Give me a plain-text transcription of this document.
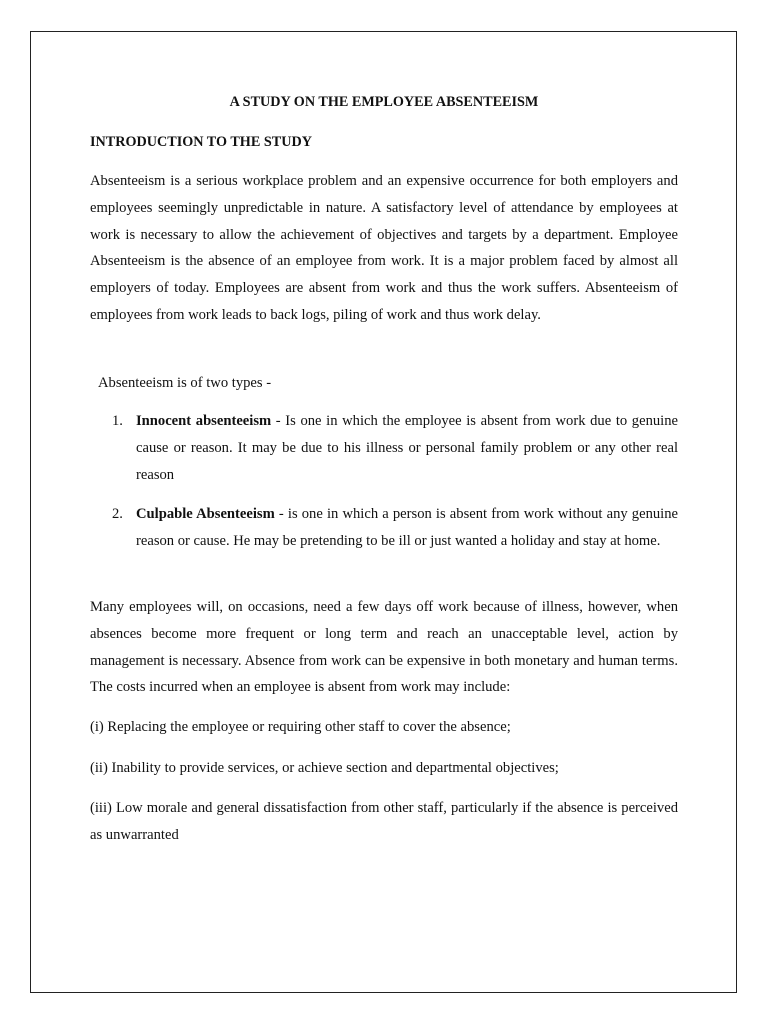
A STUDY ON THE EMPLOYEE ABSENTEEISM
INTRODUCTION TO THE STUDY

Absenteeism is a serious workplace problem and an expensive occurrence for both employers and employees seemingly unpredictable in nature. A satisfactory level of attendance by employees at work is necessary to allow the achievement of objectives and targets by a department. Employee Absenteeism is the absence of an employee from work. It is a major problem faced by almost all employers of today. Employees are absent from work and thus the work suffers. Absenteeism of employees from work leads to back logs, piling of work and thus work delay.

Absenteeism is of two types -

1. Innocent absenteeism - Is one in which the employee is absent from work due to genuine cause or reason. It may be due to his illness or personal family problem or any other real reason

2. Culpable Absenteeism - is one in which a person is absent from work without any genuine reason or cause. He may be pretending to be ill or just wanted a holiday and stay at home.

Many employees will, on occasions, need a few days off work because of illness, however, when absences become more frequent or long term and reach an unacceptable level, action by management is necessary. Absence from work can be expensive in both monetary and human terms. The costs incurred when an employee is absent from work may include:

(i) Replacing the employee or requiring other staff to cover the absence;

(ii) Inability to provide services, or achieve section and departmental objectives;

(iii) Low morale and general dissatisfaction from other staff, particularly if the absence is perceived as unwarranted
